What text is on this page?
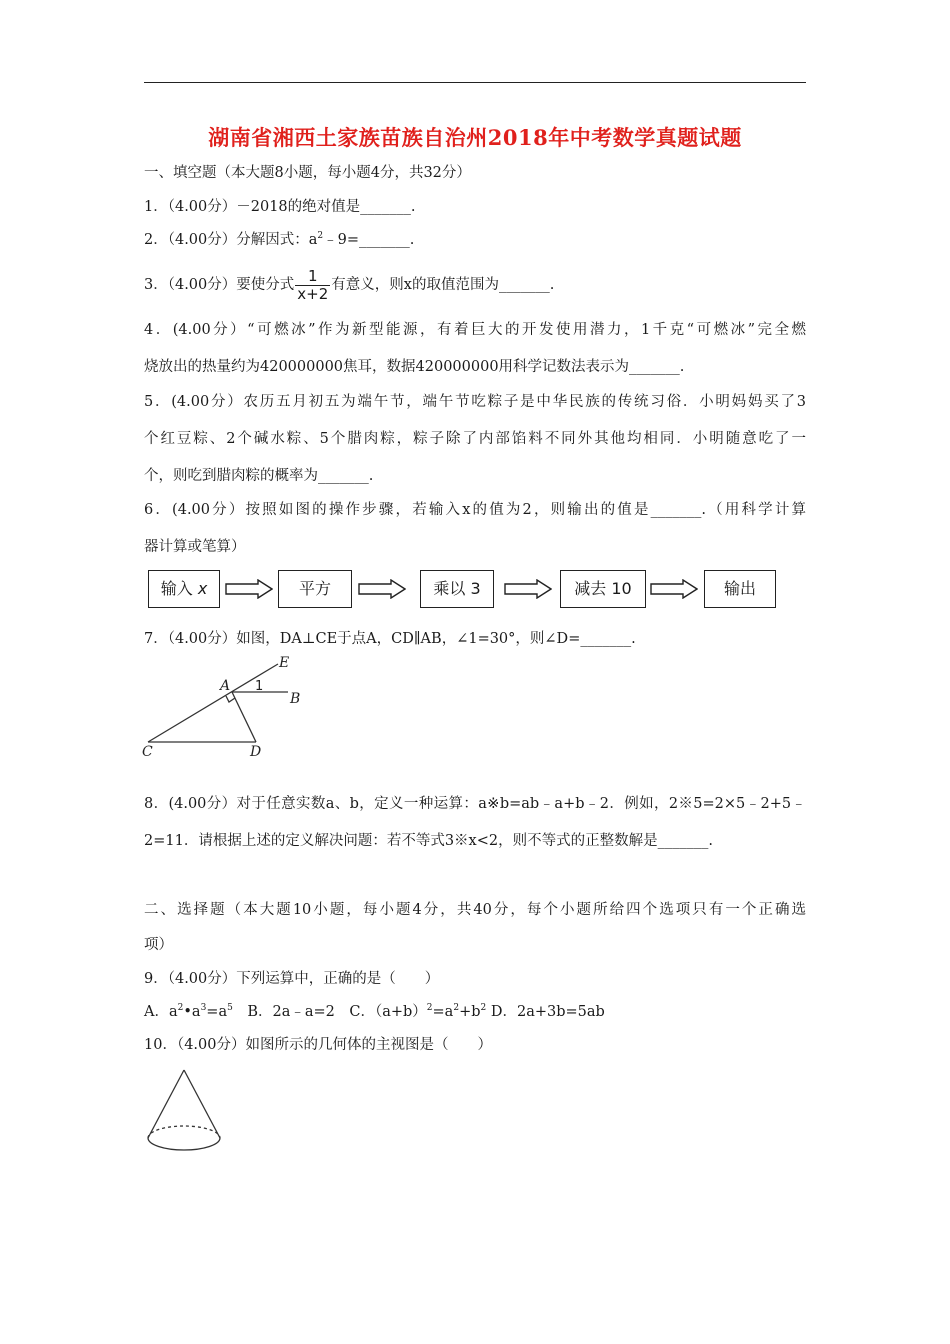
湖南省湘西土家族苗族自治州2018年中考数学真题试题
一、填空题（本大题8小题，每小题4分，共32分）
1．（4.00分）－2018的绝对值是_______.
2．（4.00分）分解因式：$a^2﹣9=\_\_\_\_\_\_\_$.
3．（4.00分）要使分式 $\frac{1}{x+2}$ 有意义，则x的取值范围为_______.
4．(4.00分）“可燃冰”作为新型能源，有着巨大的开发使用潜力，1千克“可燃冰”完全燃
烧放出的热量约为420000000焦耳，数据420000000用科学记数法表示为_______.
5．(4.00分）农历五月初五为端午节，端午节吃粽子是中华民族的传统习俗．小明妈妈买了3
个红豆粽、2个碱水粽、5个腊肉粽，粽子除了内部馅料不同外其他均相同．小明随意吃了一
个，则吃到腊肉粽的概率为_______.
6．(4.00分）按照如图的操作步骤，若输入x的值为2，则输出的值是_______.（用科学计算
器计算或笔算）
输入 x	平方	乘以 3	减去 10	输出
7．（4.00分）如图，DA⊥CE于点A，CD∥AB，∠1=30°，则∠D=_______.
E
A
B
C	D
1
8．(4.00分）对于任意实数a、b，定义一种运算：a※b=ab﹣a+b﹣2．例如，2※5=2×5﹣2+5﹣
2=11．请根据上述的定义解决问题：若不等式3※x<2，则不等式的正整数解是_______.
二、选择题（本大题10小题，每小题4分，共40分，每个小题所给四个选项只有一个正确选
项）
9．（4.00分）下列运算中，正确的是（　　）
A．$a^2•a^3=a^5$　B．2a﹣a=2　C．$(a+b)^2=a^2+b^2$ D．2a+3b=5ab
10．（4.00分）如图所示的几何体的主视图是（　　）
